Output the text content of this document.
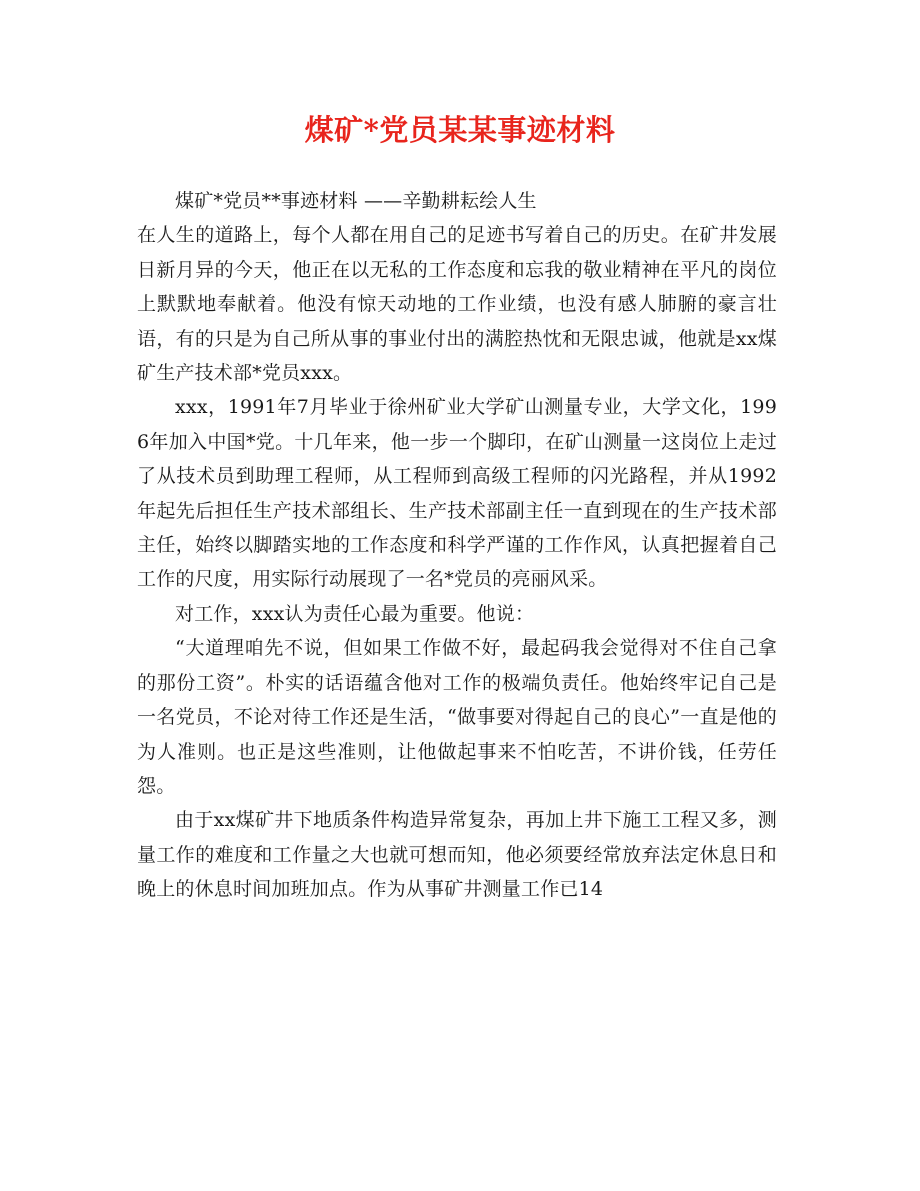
煤矿*党员某某事迹材料

煤矿*党员**事迹材料 ——辛勤耕耘绘人生

在人生的道路上，每个人都在用自己的足迹书写着自己的历史。在矿井发展日新月异的今天，他正在以无私的工作态度和忘我的敬业精神在平凡的岗位上默默地奉献着。他没有惊天动地的工作业绩，也没有感人肺腑的豪言壮语，有的只是为自己所从事的事业付出的满腔热忱和无限忠诚，他就是xx煤矿生产技术部*党员xxx。

xxx，1991年7月毕业于徐州矿业大学矿山测量专业，大学文化，1996年加入中国*党。十几年来，他一步一个脚印，在矿山测量一这岗位上走过了从技术员到助理工程师，从工程师到高级工程师的闪光路程，并从1992年起先后担任生产技术部组长、生产技术部副主任一直到现在的生产技术部主任，始终以脚踏实地的工作态度和科学严谨的工作作风，认真把握着自己工作的尺度，用实际行动展现了一名*党员的亮丽风采。

对工作，xxx认为责任心最为重要。他说：

“大道理咱先不说，但如果工作做不好，最起码我会觉得对不住自己拿的那份工资”。朴实的话语蕴含他对工作的极端负责任。他始终牢记自己是一名党员，不论对待工作还是生活，“做事要对得起自己的良心”一直是他的为人准则。也正是这些准则，让他做起事来不怕吃苦，不讲价钱，任劳任怨。

由于xx煤矿井下地质条件构造异常复杂，再加上井下施工工程又多，测量工作的难度和工作量之大也就可想而知，他必须要经常放弃法定休息日和晚上的休息时间加班加点。作为从事矿井测量工作已14
